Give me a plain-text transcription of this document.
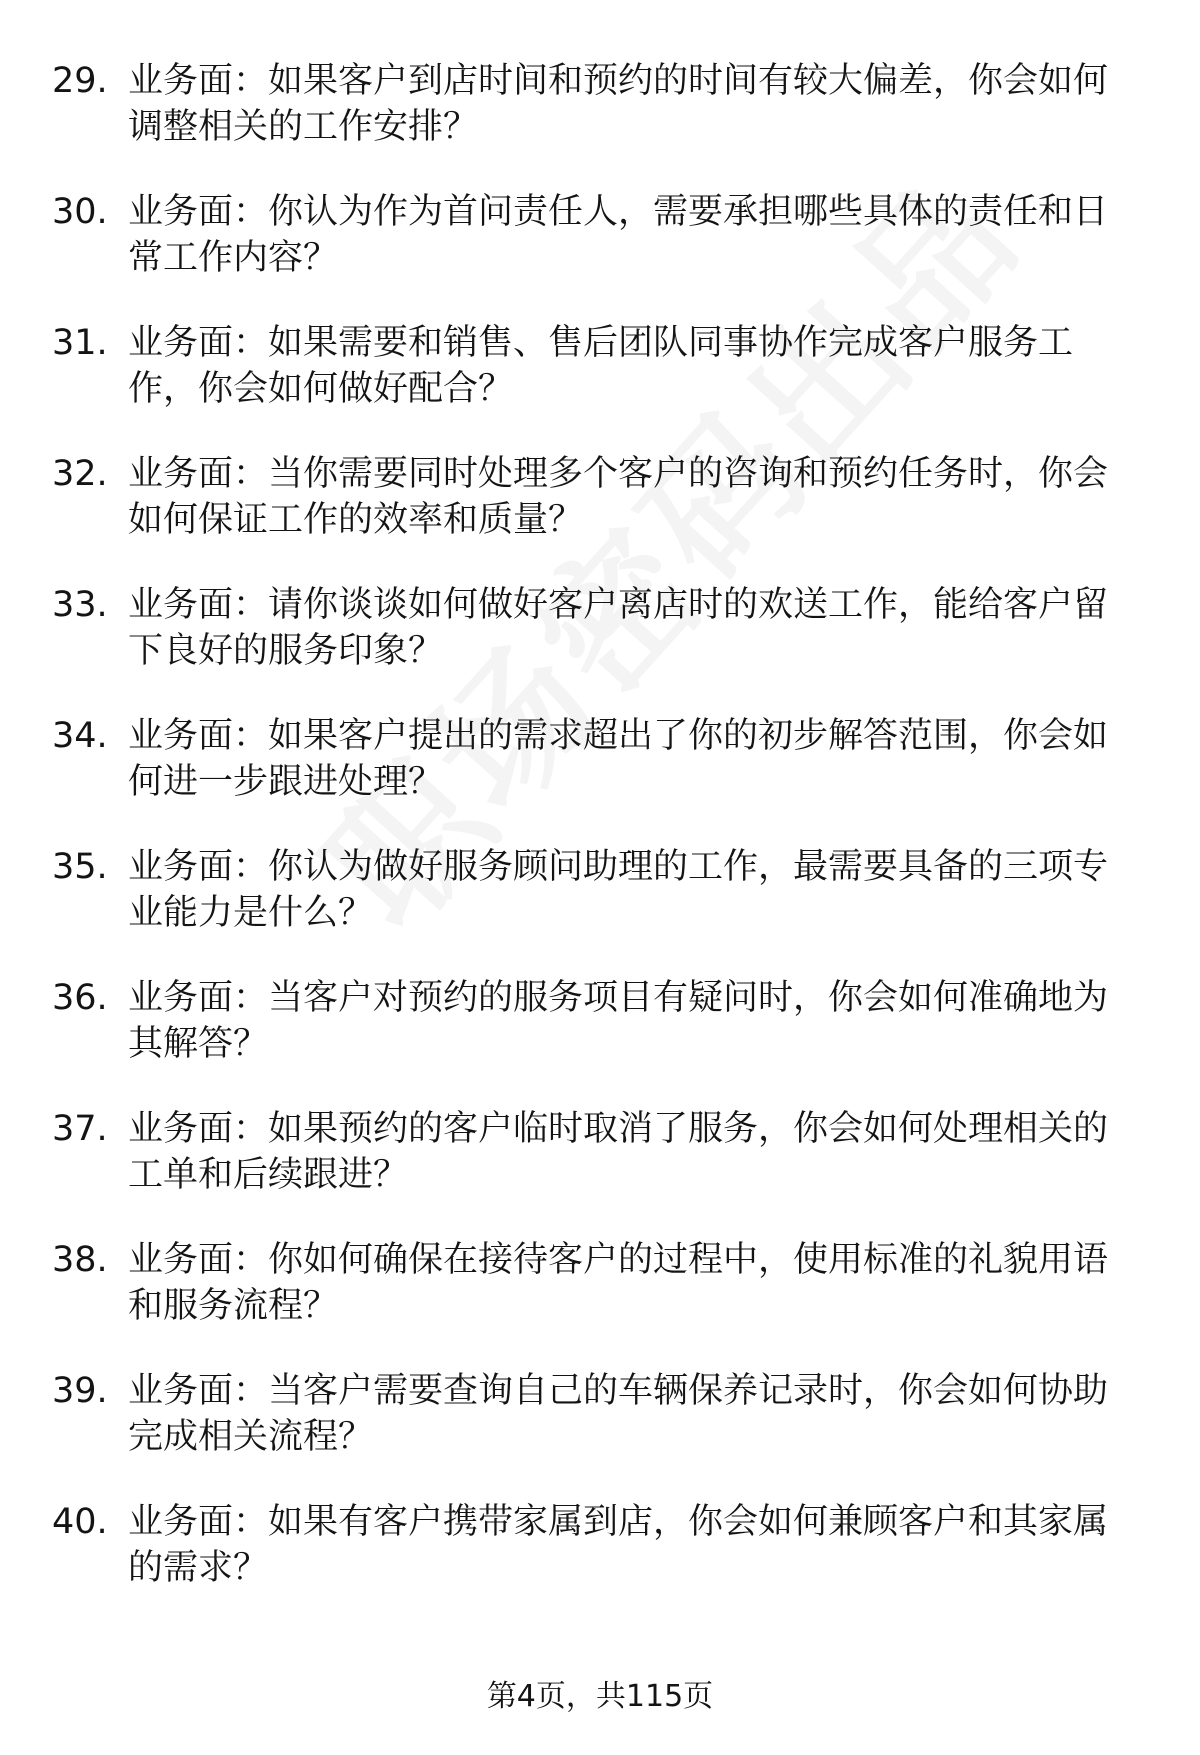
29. 业务面：如果客户到店时间和预约的时间有较大偏差，你会如何调整相关的工作安排？
30. 业务面：你认为作为首问责任人，需要承担哪些具体的责任和日常工作内容？
31. 业务面：如果需要和销售、售后团队同事协作完成客户服务工作，你会如何做好配合？
32. 业务面：当你需要同时处理多个客户的咨询和预约任务时，你会如何保证工作的效率和质量？
33. 业务面：请你谈谈如何做好客户离店时的欢送工作，能给客户留下良好的服务印象？
34. 业务面：如果客户提出的需求超出了你的初步解答范围，你会如何进一步跟进处理？
35. 业务面：你认为做好服务顾问助理的工作，最需要具备的三项专业能力是什么？
36. 业务面：当客户对预约的服务项目有疑问时，你会如何准确地为其解答？
37. 业务面：如果预约的客户临时取消了服务，你会如何处理相关的工单和后续跟进？
38. 业务面：你如何确保在接待客户的过程中，使用标准的礼貌用语和服务流程？
39. 业务面：当客户需要查询自己的车辆保养记录时，你会如何协助完成相关流程？
40. 业务面：如果有客户携带家属到店，你会如何兼顾客户和其家属的需求？
第4页，共115页
